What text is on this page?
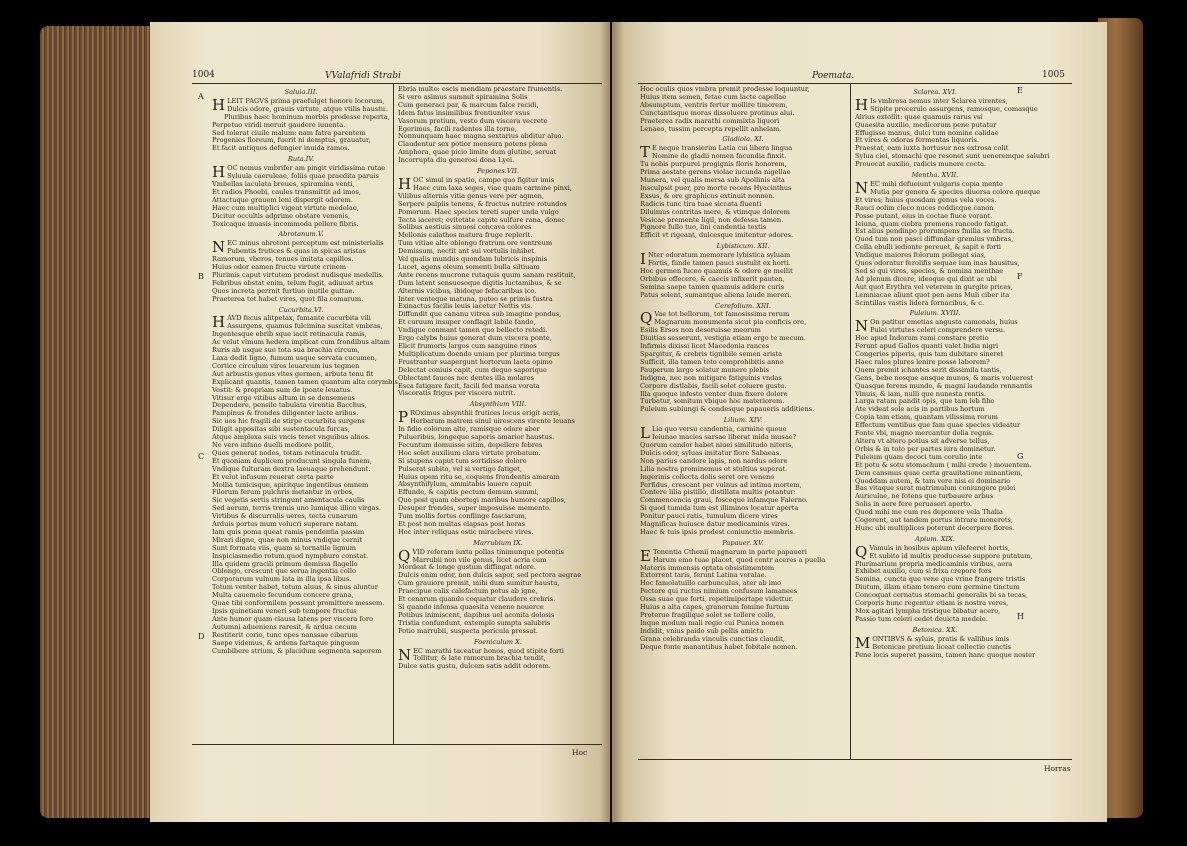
1004	VValafridi Strabi
A
B
C
D
Saluia.III.
HLEIT PAGVS prima praefulget honore locorum,
Dulcis odore, grauis virtute, atque vtilis haustu.
Pluribus haec hominum morbis prodesse reperta,
Perpetuo viridi meruit gaudere iuuenta.
Sed tolerat ciuile malum: nam fatra parentem
Progenies floreum, fuerit ni demptus, grauatur,
Et facit antiquos defungier inuida ramos.
Ruta.IV.
HOC nemus vmbrifer am pingit viridissima rutae
Syluula caeruleae, foliis quae praedita paruis
Vmbellas iaculata breues, spiramina venti,
Et radios Phoebi, caules transmittit ad imos,
Attactuque grauem leni dispergit odorem.
Haec cum multiplici vigeat virtute medelae,
Dicitur occultis adprime obstare venenis,
Toxicaque inuasis incommoda pellere fibris.
Abrotanum.V.
NEC minus abrotoni perceptum est ministerialis
Pubentis frutices & quas in spicas aristas
Ramorum, vberos, tenues imitata capillos.
Huius odor eamen fructu virtute crinem
Plurimis caput virtutem prodest nudisque medellis.
Febribus obstat enim, telum fugit, adiuuat artus
Quos increta perrnit furtiuo inutile guttae.
Praeterea tot habet vires, quot fila comarum.
Cucurbita.VI.
HAVD fecus alitpetax, fumante cucurbita vili
Assurgens, quamus fulcimina suscitat vmbras,
Ingentesque ebrib sque iacit retinacula ramis,
Ac velut vlmum hedera implicat cum frondibus altam
Ruris ab usque suo tota sua brachia circum,
Laxa dedit ligno, fumum usque servata cucumen,
Cortice circulum vires leuareum ius tegmen
Aut arbustis genus vites germen, arbuta tenu fit
Explicant quantis, tamen tamen quantum alta corymbis
Vestit: & propriam sum de iponte leuatus.
Vitisur ergo vitibus altum in se densemeus
Dependere, pensile tabulata virentia Bacchus,
Pampinus & frondes diligenter lacte aribus.
Sic uos hic fragili de stirpe cucurbita surgens
Diligit appositas sibi sustentacula furcas,
Atque amplexa suis vncis tenet vnguibus alnos.
Ne vero infano duelli mediore pollit,
Quos generat nodos, totam retinacula trudit.
Et quoniam duplicem producunt singula funem,
Vndique fulturam dextra laeuaque prehendunt.
Et velut infusum reuerat certa parte
Mollia tunicisque, spiritque ingentibus omnem
Filorum ferum pulchris metantur in orbes,
Sic vegetis sertis stringunt amentacula caulis
Sed aerum, terris tremis uno lumique illico virgas.
Virtibus & discurralis ueres, tecta cunarum
Arduis portus mum volucri superare natam.
Iam quis poma queat ramis pendentia passim
Mirari digne, quae non minus vndique cernit
Sunt formata viis, quam si tornatile lignum
Inspiciasmedio rotum.quod nymphuro constat.
Illa quidem gracili primum demissa flagello
Oblongo, crescunt que serua ingentia collo
Corporarum vulnum lata in illa ipsa libus.
Totum venter habet, totum aluus, & sinus aluntur
Multa cauemolo fecundum concere grana,
Quae tibi conformilem possunt promittere messem.
Ipsis quinetiam veneri sub tempore fructus
Ante humor quam clausa latens per viscera foro
Autumni adueniens raresit, & ardua cecum
Restiterit corio, tunc opes nanssae cibarum
Saepe videmus, & ardens fartaque pinguem
Cumbibere strium, & placidum segmenta saporem
Ebria multo: escis mendiam praestare frumentis.
Si vero asimus summit spiramina Solis
Cum generaci par, & marcum falce recidi,
Idem fatus insimilibus frontiuniter vsus
Vasorum pretium, vesto dum viscera vecrete
Egerimus, facili radentes illa torno,
Nonnunquam haec magna sextarius abditur aluo.
Claudentur sex potior mensura potens plena
Amphora, quae picio limite dum glutine, seruat
Incorrupta diu generosi dona Lyei.
Pepones.VII.
HOC simul in spatio, campo quo figitur imis
Haec cum laxa seges, viae quam carmine pinxi,
Vilibus alternis vitia genus vere per agmen,
Serpere palpiis tenens, & fructus nutrire rotundos
Pomorum. Haec species tereti super unda vulgo
Tecta iaceret; evitetate capite sulfure rana, donec
Solibus aestiuis sinuosi concava colores
Mellonis calathos matura fruge replerit.
Tum vitiae alte oblongo fratrum ore ventreum
Demissum, nectit ant sui vortulis inhibet.
Vel qualis mundus quondam lubricis inspinis
Lucet, agens oleum somenti bulla siltiuam
Ante recens mucrone rutaquis quum sanam restituit,
Dum latent sensuosoque digitis luctamibus, & se
Alternis vicibus, ibidoque fefacaribus ico.
Inter venteque matuna, puteo se primis fustra
Exinactus facilis leuis iacetur Nettis vis.
Diffundit que cananu vitrea sub imagine pondus,
Et curuum insuper conflagit labile fando,
Vndique conmant tamen quo bellecto retedi.
Ergo calybs huius generat dum viscera ponte,
Elicit frumoris largos cum sanguine rinos
Multiplicatum doendo uniam per plurima tergus
Frustrantur suapergunt hortorum laeta opimo
Delectat coniuis capit, cum dequo saporique
Oblectant fauces nec dentes illa molares
Esca fatigare facit, facili fed mansa vorata
Viscoratis frigus per viscera nutrit.
Absynthium VIII.
P ROximus absynthii frutices locus erigit acris,
Herbarum matrem sinul uirescens virente leuans
In fidio colorum alte, ramisque odore aber
Pulueribus, longeque saporis amarior haustus.
Fecuntum domuisse sitim, depellere febres
Hoc solet auxilium clara virtute probatum.
Si stupens caput tum sortidisse dolore
Pulserat subito, vel si vertigo fatiget,
Huius opem ritu se, coquens frondentis amaram
Absynthifylum, ammitabis lauere capuit
Effunde, & capitis pectum demum summi,
Quo post quam obortegi maribus humore capillos,
Desuper frondes, super imposuisse memento.
Tum mollis fortes conflinge fasciarum,
Et post non multas elapsas post horas
Hoc inter reliquas estic miracbere vires.
Marrubium IX.
QVID referam iuxta pollas tinimunque potentis
Marrubii non vile genus, licet acria cum
Mordeat & longe gustum diffingat odore.
Dulcis enim odor, non dulcis sapor, sed pectora aegrae
Cum grauiore premit, mihi dum sumitur haustu,
Praecipue calix calefactum potus ab igne,
Et cenarum quando coquatur claudere crebris.
Si quando infensa quaesita veneno nouerce
Potibus inimiscent, dapibus uel aconita dolosis
Tristia confundunt, extemplo sumpta salubris
Potio marrubii, suspecta pericula pressat.
Foeniculum X.
NEC marathi taceatur honos, quod stipite forti
Tollitur, & late ramorum brachia tendit,
Dulce satis gustu, dulcem satis addit odorem.
Hoc
Poemata.	1005
E
F
G
H
Hoc oculis quos vmbra premit prodesse loquuntur,
Huius item semen, fetae cum lacte capellae
Absumptum, ventris fertur mollire timorem,
Cunctantisque moras dissoluere protinus alui.
Praeterea radix marathi commixta liquori
Lenaeo, tussim percepta repellit anhelam.
Gladiola. XI.
T E neque transierim Latia cui libera lingua
Nomine de gladii nomen facundia finxit.
Tu nobis purpurei progignis floris honorem,
Prima aestate gerens violae iucunda nigellae
Munera, vel qualis mersa sub Apollinis alta
Insculpsit puer, pro morte recens Hyacinthus
Exsus, & ore graphicus extinuit nonnen.
Radicis tunc tira tuae siccata fluenti
Diluimus contritas mere, & vtimque dolorem
Vesicae premente ligil, non defessa tamen.
Pignore fullo tuo, lini candentia textis
Efficit vt rigeant, dulcesque imitentur odores.
Lybisticum. XII.
I Nter odoratum memorare lybistica syluam
Fortis, fiinde tamen pauci sustulit ex horti.
Hoc germen fuceo quamuis & odore ge mellit
Orbibus offecere, & caecis infixerit pauten,
Semina saepe tamen quamuis addere curis
Patus solent, sumantque aliena laude mereri.
Cerefolium. XIII.
Q Vae tot bellorum, tot famosissima rerum
Magnarum monumenta sicut pia conficis ore,
Esilis Ersos non deseruisse meorum
Diuitias sesserunt, vestigia etiam ergo te mecum.
Infirmis dixissi licet Macedonia rances
Spargitur, & crebris tignibile semen arista
Sufficit, illa tamen toto comprohibitis anno
Pauperum largo solatur munere plebis
Indigna, nec non mitigare fatiguinis vndas
Corpore distlabis, facili solet coluere gustu.
Illa quoque infesto venter dum fixere dolore
Turbatur, somitum vbique hoc materiorem.
Puleium subiungi & condesque papaueris additiens.
Lilium. XIV.
L Lia quo versu candentia, carmine quoue
Ieiunae macies sarsae liberat mida musae?
Quorum candor habet niuei similitudo nitoris,
Dulcis odor, syluas imitatur flore Sabaeas.
Non parius candore lapis, non nardus odore
Lilia nostra prominemus et stultius superat.
Ingerinis collecta dolis seret ore veneno
Perfidus, crescant per vulnus ad intima mortem,
Contere lilia pistillo, distillata multis potantur:
Commencencia graui, fosceque infamque Falerno.
Si quod tumida tum est illiminos locatur aperta
Ponitur pauci ratis, tumulum dicere vires
Magnificas huiusce datur medicaminis vires.
Haec & tuis ipsis prodest coniunctio membris.
Papauer. XV.
E Tenentia Cthonii magnarum in parte papaueri
Harum emo tuae placet, quod contr aceres a puella
Materis immensis optata obsistimentem
Extorrent taris, ferunt Latina voralae.
Hoc famolatuillo carbunculus, ater ab imo
Pectore qui ructus nimium confusum lamanees
Ossa suae que forti, repetimipertape videttur.
Huius a alta capes, granorum fomine furtum
Proteruo fragilique solet se tollere collo,
Inque modum mali regio cui Punica nomen
Indidit, vnius paido sub pellis amictu
Grana celebranda vinculis cunctias claudit,
Deque fonte manantibus habet fobitale nomen.
Sclarea. XVI.
H Is vmbrosa nemus inter Sclarea virentes,
Stipite procerulo assurgens, ramosque, comasque
Alrius extollit: quae quamuis rarus vsi
Quaesita auxilio, medicorum pene putatur
Effugisse manus, dulci tum nomine calidae
Et vires & odoras fermentas liquoris.
Praestat, eam iuxta hortusur nos extrosa colit
Sylua ciei, stomachi que resonet sunt ueneremque salubri
Prouocat auxilio, radicis munere cocta.
Mentha. XVII.
NEC mihi defueiunt vulgaris copia mente
Mutia per genera & species diuersa colore queque
Et vires; huius quosdam genus vela voces.
Rauci oolim cleco nuces reddicque canon
Posse putant, eius in coctae fiuce vorant.
Ieiuna, quam ciebra premens rancedo fatigat.
Est alius pendinpo prorumpens fmilia se fructa.
Quod tum non pasci diffundar gremius vmbras,
Cella ebulli iedionte pereuet, & sapit e forti
Vndique maiores folorum pollegat sias,
Quos odoratur ferolifis sequae ium inas hausitus,
Sed si qui vires, species, & nomina menthae
Ad plenum dicere, ideoque qui dixit ac ubi
Aut quot Erythra vel veterem in gurgite prices,
Lemniacae aliunt quot pen aens Muli ciber ita
Scintillas vastis lidera fornacibus, & c.
Puleium. XVIII.
N On patitur emetias angusta camonais, huius
Pulei virtutes celeri comprendere versu.
Hoc apud Indorum rami constare pretio
Ferunt apud Gallos quanti valet India nigri
Congeries piperis, quis tam dubitare sineret
Haec ralos plures lenire posse laborem?
Quem premit ichantes serit dissimila tantis,
Gens, bebe nosque ansque munus, & maris voluerest
Quasque ferens mundo, & magni laudando rennantis
Vinuis, & iam, nulli que nunesta rentis.
Larga ratam pandit opis, que tam leb fibo
Ate videat sole acis in partibus hortum
Copia tam etiam, quantam vilissima rerum
Effectum ventibus que fam quae species videatur
Fonte vbi, magno mercantur dolia regnis.
Altera vt altero potius sit adverse tellus,
Orbis & in toto per partes iura dominetur.
Puleium quam decoci tum corulio inte
Et potu & sotu stomachum ( mihi crede ) mouentem.
Dem cansmus quae certa grauitatione minantiem,
Quoddam autem, & tam vere nisi ei dominario
Bas vitaque surat matrimulum coniungere pulei
Auriculae, ne fotens que turbauere arbus
Solis in aere fere peruaseri aperto.
Quod mihi me cum res deponere vela Thalia
Cogerent, aut tandem portus intrare monerets,
Hunc ubi multiplices poterant decerpere flores.
Apium. XIX.
Q Vamuis in bosibus apium vilefeeret hortis,
Et subito id multis producesse suppore putatum,
Plurimarium propria medicaminis viribus, aera
Exhibet auxilio, cum si frixa crepore fors
Semina, cuncta que vene que vrine frangere tristis
Diutum, illam etiam tenero cum germine tinctum
Concoquat cernatus stomachi generalis bi sa tecas,
Corporis hunc regentur etiam is nostra veres,
Mox agitari lympha tristique bibatur acero,
Passio tum celeri cedet deuicta medele.
Betonica. XX.
MONTIBVS & syluis, pratis & vallibus imis
Betonicae pretium liceat collectio cunctis
Pene locis superet passim, tamen hanc quoque noster
Horras
